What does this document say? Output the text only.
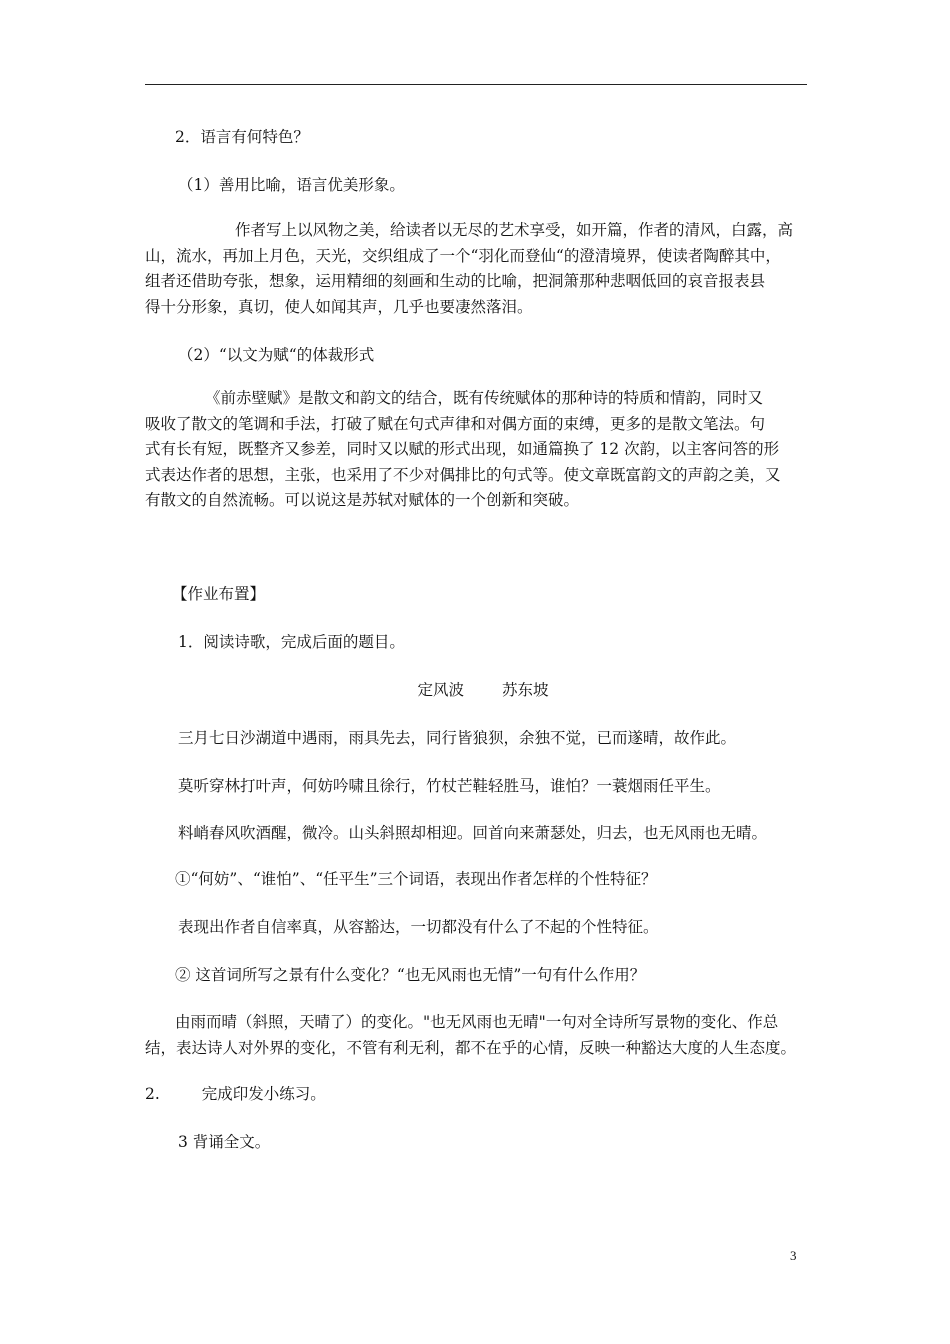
2．语言有何特色？
（1）善用比喻，语言优美形象。
作者写上以风物之美，给读者以无尽的艺术享受，如开篇，作者的清风，白露，高
山，流水，再加上月色，天光，交织组成了一个“羽化而登仙“的澄清境界，使读者陶醉其中，
组者还借助夸张，想象，运用精细的刻画和生动的比喻，把洞箫那种悲咽低回的哀音报表县
得十分形象，真切，使人如闻其声，几乎也要凄然落泪。
（2）“以文为赋“的体裁形式
《前赤壁赋》是散文和韵文的结合，既有传统赋体的那种诗的特质和情韵，同时又
吸收了散文的笔调和手法，打破了赋在句式声律和对偶方面的束缚，更多的是散文笔法。句
式有长有短，既整齐又参差，同时又以赋的形式出现，如通篇换了 12 次韵，以主客问答的形
式表达作者的思想，主张，也采用了不少对偶排比的句式等。使文章既富韵文的声韵之美，又
有散文的自然流畅。可以说这是苏轼对赋体的一个创新和突破。
【作业布置】
1．阅读诗歌，完成后面的题目。
定风波 苏东坡
三月七日沙湖道中遇雨，雨具先去，同行皆狼狈，余独不觉，已而遂晴，故作此。
莫听穿林打叶声，何妨吟啸且徐行，竹杖芒鞋轻胜马，谁怕？一蓑烟雨任平生。
料峭春风吹酒醒，微冷。山头斜照却相迎。回首向来萧瑟处，归去，也无风雨也无晴。
①“何妨”、“谁怕”、“任平生”三个词语，表现出作者怎样的个性特征？
表现出作者自信率真，从容豁达，一切都没有什么了不起的个性特征。
② 这首词所写之景有什么变化？“也无风雨也无情”一句有什么作用？
由雨而晴（斜照，天晴了）的变化。"也无风雨也无晴"一句对全诗所写景物的变化、作总
结，表达诗人对外界的变化，不管有利无利，都不在乎的心情，反映一种豁达大度的人生态度。
2.	完成印发小练习。
3 背诵全文。
3
